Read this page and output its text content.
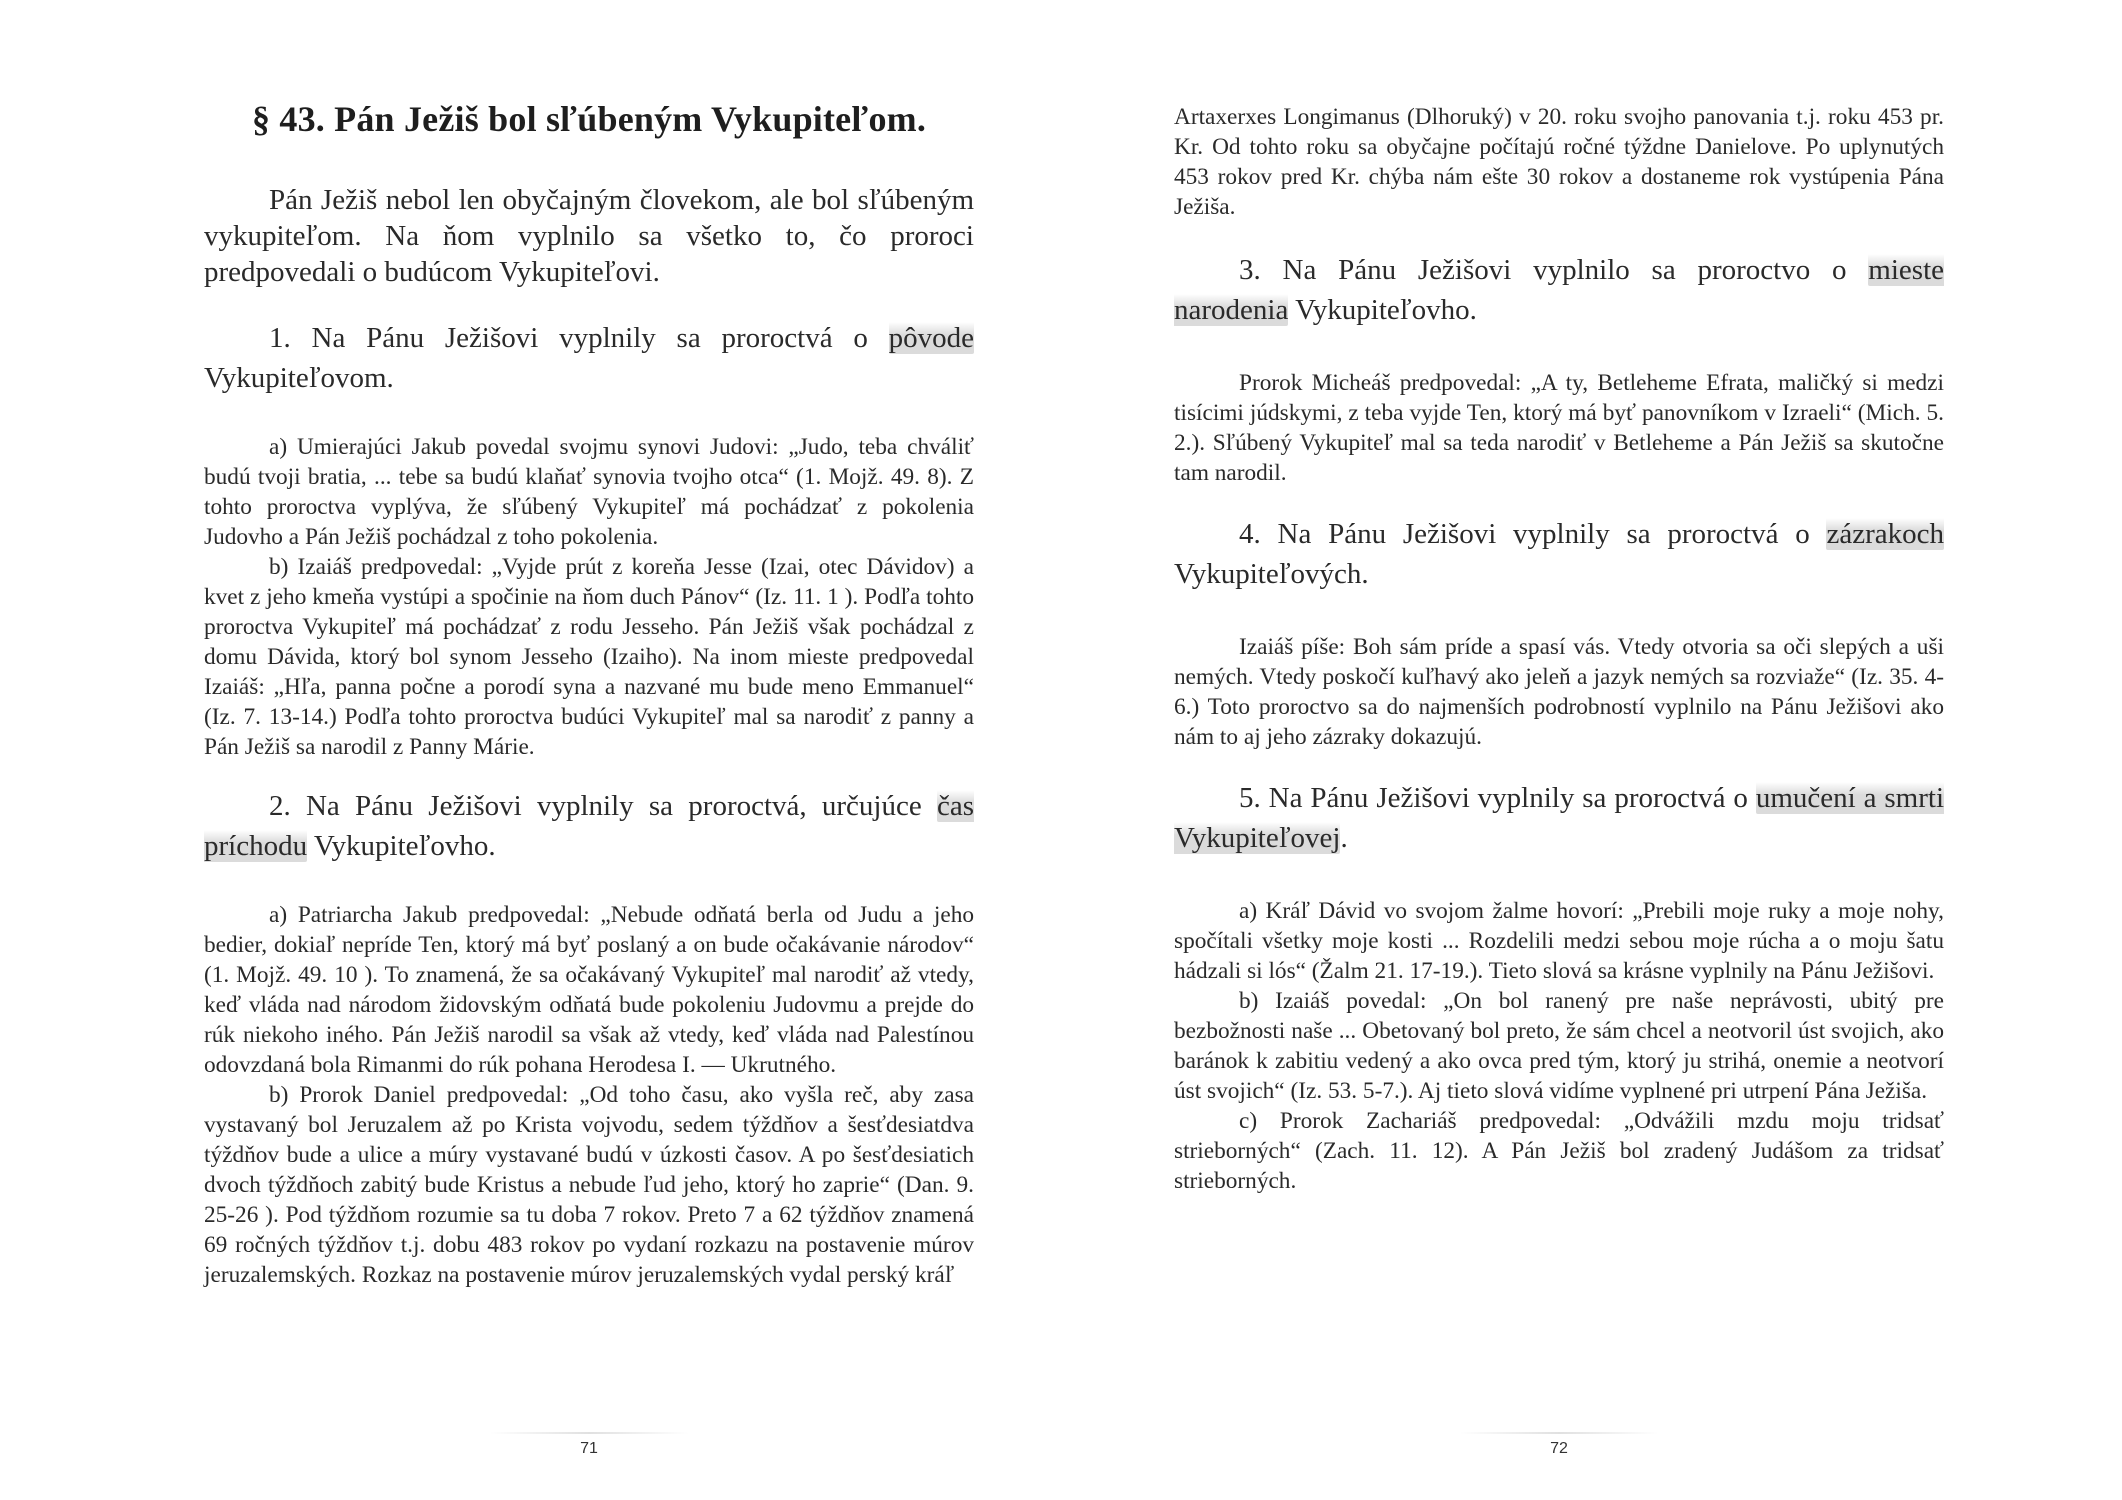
§ 43. Pán Ježiš bol sľúbeným Vykupiteľom.

Pán Ježiš nebol len obyčajným človekom, ale bol sľúbeným vykupiteľom. Na ňom vyplnilo sa všetko to, čo proroci predpovedali o budúcom Vykupiteľovi.

1. Na Pánu Ježišovi vyplnily sa proroctvá o pôvode Vykupiteľovom.

a) Umierajúci Jakub povedal svojmu synovi Judovi: „Judo, teba chváliť budú tvoji bratia, ... tebe sa budú klaňať synovia tvojho otca“ (1. Mojž. 49. 8). Z tohto proroctva vyplýva, že sľúbený Vykupiteľ má pochádzať z pokolenia Judovho a Pán Ježiš pochádzal z toho pokolenia.

b) Izaiáš predpovedal: „Vyjde prút z koreňa Jesse (Izai, otec Dávidov) a kvet z jeho kmeňa vystúpi a spočinie na ňom duch Pánov“ (Iz. 11. 1 ). Podľa tohto proroctva Vykupiteľ má pochádzať z rodu Jesseho. Pán Ježiš však pochádzal z domu Dávida, ktorý bol synom Jesseho (Izaiho). Na inom mieste predpovedal Izaiáš: „Hľa, panna počne a porodí syna a nazvané mu bude meno Emmanuel“ (Iz. 7. 13-14.) Podľa tohto proroctva budúci Vykupiteľ mal sa narodiť z panny a Pán Ježiš sa narodil z Panny Márie.

2. Na Pánu Ježišovi vyplnily sa proroctvá, určujúce čas príchodu Vykupiteľovho.

a) Patriarcha Jakub predpovedal: „Nebude odňatá berla od Judu a jeho bedier, dokiaľ nepríde Ten, ktorý má byť poslaný a on bude očakávanie národov“ (1. Mojž. 49. 10 ). To znamená, že sa očakávaný Vykupiteľ mal narodiť až vtedy, keď vláda nad národom židovským odňatá bude pokoleniu Judovmu a prejde do rúk niekoho iného. Pán Ježiš narodil sa však až vtedy, keď vláda nad Palestínou odovzdaná bola Rimanmi do rúk pohana Herodesa I. — Ukrutného.

b) Prorok Daniel predpovedal: „Od toho času, ako vyšla reč, aby zasa vystavaný bol Jeruzalem až po Krista vojvodu, sedem týždňov a šesťdesiatdva týždňov bude a ulice a múry vystavané budú v úzkosti časov. A po šesťdesiatich dvoch týždňoch zabitý bude Kristus a nebude ľud jeho, ktorý ho zaprie“ (Dan. 9. 25-26 ). Pod týždňom rozumie sa tu doba 7 rokov. Preto 7 a 62 týždňov znamená 69 ročných týždňov t.j. dobu 483 rokov po vydaní rozkazu na postavenie múrov jeruzalemských. Rozkaz na postavenie múrov jeruzalemských vydal perský kráľ

71

Artaxerxes Longimanus (Dlhoruký) v 20. roku svojho panovania t.j. roku 453 pr. Kr. Od tohto roku sa obyčajne počítajú ročné týždne Danielove. Po uplynutých 453 rokov pred Kr. chýba nám ešte 30 rokov a dostaneme rok vystúpenia Pána Ježiša.

3. Na Pánu Ježišovi vyplnilo sa proroctvo o mieste narodenia Vykupiteľovho.

Prorok Micheáš predpovedal: „A ty, Betleheme Efrata, maličký si medzi tisícimi júdskymi, z teba vyjde Ten, ktorý má byť panovníkom v Izraeli“ (Mich. 5. 2.). Sľúbený Vykupiteľ mal sa teda narodiť v Betleheme a Pán Ježiš sa skutočne tam narodil.

4. Na Pánu Ježišovi vyplnily sa proroctvá o zázrakoch Vykupiteľových.

Izaiáš píše: Boh sám príde a spasí vás. Vtedy otvoria sa oči slepých a uši nemých. Vtedy poskočí kuľhavý ako jeleň a jazyk nemých sa rozviaže“ (Iz. 35. 4-6.) Toto proroctvo sa do najmenších podrobností vyplnilo na Pánu Ježišovi ako nám to aj jeho zázraky dokazujú.

5. Na Pánu Ježišovi vyplnily sa proroctvá o umučení a smrti Vykupiteľovej.

a) Kráľ Dávid vo svojom žalme hovorí: „Prebili moje ruky a moje nohy, spočítali všetky moje kosti ... Rozdelili medzi sebou moje rúcha a o moju šatu hádzali si lós“ (Žalm 21. 17-19.). Tieto slová sa krásne vyplnily na Pánu Ježišovi.

b) Izaiáš povedal: „On bol ranený pre naše neprávosti, ubitý pre bezbožnosti naše ... Obetovaný bol preto, že sám chcel a neotvoril úst svojich, ako baránok k zabitiu vedený a ako ovca pred tým, ktorý ju strihá, onemie a neotvorí úst svojich“ (Iz. 53. 5-7.). Aj tieto slová vidíme vyplnené pri utrpení Pána Ježiša.

c) Prorok Zachariáš predpovedal: „Odvážili mzdu moju tridsať strieborných“ (Zach. 11. 12). A Pán Ježiš bol zradený Judášom za tridsať strieborných.

72
